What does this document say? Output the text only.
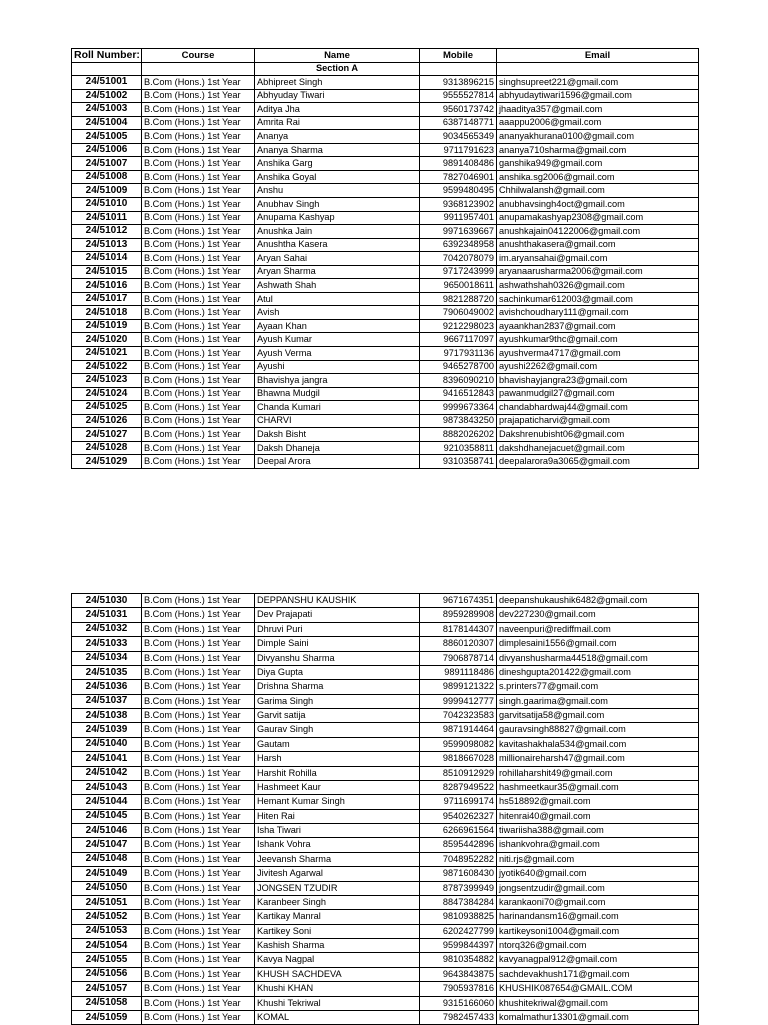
Roll Number:	Course	Name	Mobile	Email
		Section A		
24/51001	B.Com (Hons.) 1st Year	Abhipreet Singh	9313896215	singhsupreet221@gmail.com
24/51002	B.Com (Hons.) 1st Year	Abhyuday Tiwari	9555527814	abhyudaytiwari1596@gmail.com
24/51003	B.Com (Hons.) 1st Year	Aditya Jha	9560173742	jhaaditya357@gmail.com
24/51004	B.Com (Hons.) 1st Year	Amrita Rai	6387148771	aaappu2006@gmail.com
24/51005	B.Com (Hons.) 1st Year	Ananya	9034565349	ananyakhurana0100@gmail.com
24/51006	B.Com (Hons.) 1st Year	Ananya Sharma	9711791623	ananya710sharma@gmail.com
24/51007	B.Com (Hons.) 1st Year	Anshika Garg	9891408486	ganshika949@gmail.com
24/51008	B.Com (Hons.) 1st Year	Anshika Goyal	7827046901	anshika.sg2006@gmail.com
24/51009	B.Com (Hons.) 1st Year	Anshu	9599480495	Chhilwalansh@gmail.com
24/51010	B.Com (Hons.) 1st Year	Anubhav Singh	9368123902	anubhavsingh4oct@gmail.com
24/51011	B.Com (Hons.) 1st Year	Anupama Kashyap	9911957401	anupamakashyap2308@gmail.com
24/51012	B.Com (Hons.) 1st Year	Anushka Jain	9971639667	anushkajain04122006@gmail.com
24/51013	B.Com (Hons.) 1st Year	Anushtha Kasera	6392348958	anushthakasera@gmail.com
24/51014	B.Com (Hons.) 1st Year	Aryan Sahai	7042078079	im.aryansahai@gmail.com
24/51015	B.Com (Hons.) 1st Year	Aryan Sharma	9717243999	aryanaarusharma2006@gmail.com
24/51016	B.Com (Hons.) 1st Year	Ashwath Shah	9650018611	ashwathshah0326@gmail.com
24/51017	B.Com (Hons.) 1st Year	Atul	9821288720	sachinkumar612003@gmail.com
24/51018	B.Com (Hons.) 1st Year	Avish	7906049002	avishchoudhary111@gmail.com
24/51019	B.Com (Hons.) 1st Year	Ayaan Khan	9212298023	ayaankhan2837@gmail.com
24/51020	B.Com (Hons.) 1st Year	Ayush Kumar	9667117097	ayushkumar9thc@gmail.com
24/51021	B.Com (Hons.) 1st Year	Ayush Verma	9717931136	ayushverma4717@gmail.com
24/51022	B.Com (Hons.) 1st Year	Ayushi	9465278700	ayushi2262@gmail.com
24/51023	B.Com (Hons.) 1st Year	Bhavishya jangra	8396090210	bhavishayjangra23@gmail.com
24/51024	B.Com (Hons.) 1st Year	Bhawna Mudgil	9416512843	pawanmudgil27@gmail.com
24/51025	B.Com (Hons.) 1st Year	Chanda Kumari	9999673364	chandabhardwaj44@gmail.com
24/51026	B.Com (Hons.) 1st Year	CHARVI	9873843250	prajapaticharvi@gmail.com
24/51027	B.Com (Hons.) 1st Year	Daksh Bisht	8882026202	Dakshrenubisht06@gmail.com
24/51028	B.Com (Hons.) 1st Year	Daksh Dhaneja	9210358811	dakshdhanejacuet@gmail.com
24/51029	B.Com (Hons.) 1st Year	Deepal Arora	9310358741	deepalarora9a3065@gmail.com
24/51030	B.Com (Hons.) 1st Year	DEPPANSHU KAUSHIK	9671674351	deepanshukaushik6482@gmail.com
24/51031	B.Com (Hons.) 1st Year	Dev Prajapati	8959289908	dev227230@gmail.com
24/51032	B.Com (Hons.) 1st Year	Dhruvi Puri	8178144307	naveenpuri@rediffmail.com
24/51033	B.Com (Hons.) 1st Year	Dimple Saini	8860120307	dimplesaini1556@gmail.com
24/51034	B.Com (Hons.) 1st Year	Divyanshu Sharma	7906878714	divyanshusharma44518@gmail.com
24/51035	B.Com (Hons.) 1st Year	Diya Gupta	9891118486	dineshgupta201422@gmail.com
24/51036	B.Com (Hons.) 1st Year	Drishna Sharma	9899121322	s.printers77@gmail.com
24/51037	B.Com (Hons.) 1st Year	Garima Singh	9999412777	singh.gaarima@gmail.com
24/51038	B.Com (Hons.) 1st Year	Garvit satija	7042323583	garvitsatija58@gmail.com
24/51039	B.Com (Hons.) 1st Year	Gaurav Singh	9871914464	gauravsingh88827@gmail.com
24/51040	B.Com (Hons.) 1st Year	Gautam	9599098082	kavitashakhala534@gmail.com
24/51041	B.Com (Hons.) 1st Year	Harsh	9818667028	millionaireharsh47@gmail.com
24/51042	B.Com (Hons.) 1st Year	Harshit Rohilla	8510912929	rohillaharshit49@gmail.com
24/51043	B.Com (Hons.) 1st Year	Hashmeet Kaur	8287949522	hashmeetkaur35@gmail.com
24/51044	B.Com (Hons.) 1st Year	Hemant Kumar Singh	9711699174	hs518892@gmail.com
24/51045	B.Com (Hons.) 1st Year	Hiten Rai	9540262327	hitenrai40@gmail.com
24/51046	B.Com (Hons.) 1st Year	Isha Tiwari	6266961564	tiwariisha388@gmail.com
24/51047	B.Com (Hons.) 1st Year	Ishank Vohra	8595442896	ishankvohra@gmail.com
24/51048	B.Com (Hons.) 1st Year	Jeevansh Sharma	7048952282	niti.rjs@gmail.com
24/51049	B.Com (Hons.) 1st Year	Jivitesh Agarwal	9871608430	jyotik640@gmail.com
24/51050	B.Com (Hons.) 1st Year	JONGSEN TZUDIR	8787399949	jongsentzudir@gmail.com
24/51051	B.Com (Hons.) 1st Year	Karanbeer Singh	8847384284	karankaoni70@gmail.com
24/51052	B.Com (Hons.) 1st Year	Kartikay Manral	9810938825	harinandansm16@gmail.com
24/51053	B.Com (Hons.) 1st Year	Kartikey Soni	6202427799	kartikeysoni1004@gmail.com
24/51054	B.Com (Hons.) 1st Year	Kashish Sharma	9599844397	ntorq326@gmail.com
24/51055	B.Com (Hons.) 1st Year	Kavya Nagpal	9810354882	kavyanagpal912@gmail.com
24/51056	B.Com (Hons.) 1st Year	KHUSH SACHDEVA	9643843875	sachdevakhush171@gmail.com
24/51057	B.Com (Hons.) 1st Year	Khushi KHAN	7905937816	KHUSHIK087654@GMAIL.COM
24/51058	B.Com (Hons.) 1st Year	Khushi Tekriwal	9315166060	khushitekriwal@gmail.com
24/51059	B.Com (Hons.) 1st Year	KOMAL	7982457433	komalmathur13301@gmail.com
